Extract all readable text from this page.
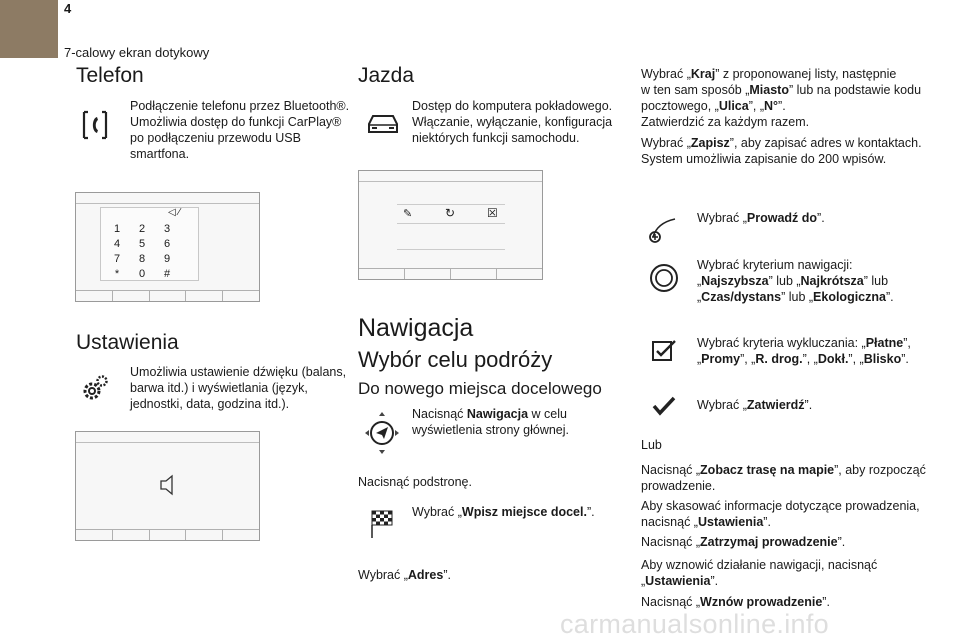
4
7-calowy ekran dotykowy
Telefon
Podłączenie telefonu przez Bluetooth®.
Umożliwia dostęp do funkcji CarPlay®
po podłączeniu przewodu USB
smartfona.
◁ ∕
1	2	3
4	5	6
7	8	9
*	0	#
Ustawienia
Umożliwia ustawienie dźwięku (balans,
barwa itd.) i wyświetlania (język,
jednostki, data, godzina itd.).
Jazda
Dostęp do komputera pokładowego.
Włączanie, wyłączanie, konfiguracja
niektórych funkcji samochodu.
✎	↻	☒
Nawigacja
Wybór celu podróży
Do nowego miejsca docelowego
Nacisnąć Nawigacja w celu
wyświetlenia strony głównej.
Nacisnąć podstronę.
Wybrać „Wpisz miejsce docel.”.
Wybrać „Adres”.
Wybrać „Kraj” z proponowanej listy, następnie
w ten sam sposób „Miasto” lub na podstawie kodu
pocztowego, „Ulica”, „N°”.
Zatwierdzić za każdym razem.
Wybrać „Zapisz”, aby zapisać adres w kontaktach.
System umożliwia zapisanie do 200 wpisów.
Wybrać „Prowadź do”.
Wybrać kryterium nawigacji:
„Najszybsza” lub „Najkrótsza” lub
„Czas/dystans” lub „Ekologiczna”.
Wybrać kryteria wykluczania: „Płatne”,
„Promy”, „R. drog.”, „Dokł.”, „Blisko”.
Wybrać „Zatwierdź”.
Lub
Nacisnąć „Zobacz trasę na mapie”, aby rozpocząć
prowadzenie.
Aby skasować informacje dotyczące prowadzenia,
nacisnąć „Ustawienia”.
Nacisnąć „Zatrzymaj prowadzenie”.
Aby wznowić działanie nawigacji, nacisnąć
„Ustawienia”.
Nacisnąć „Wznów prowadzenie”.
carmanualsonline.info
